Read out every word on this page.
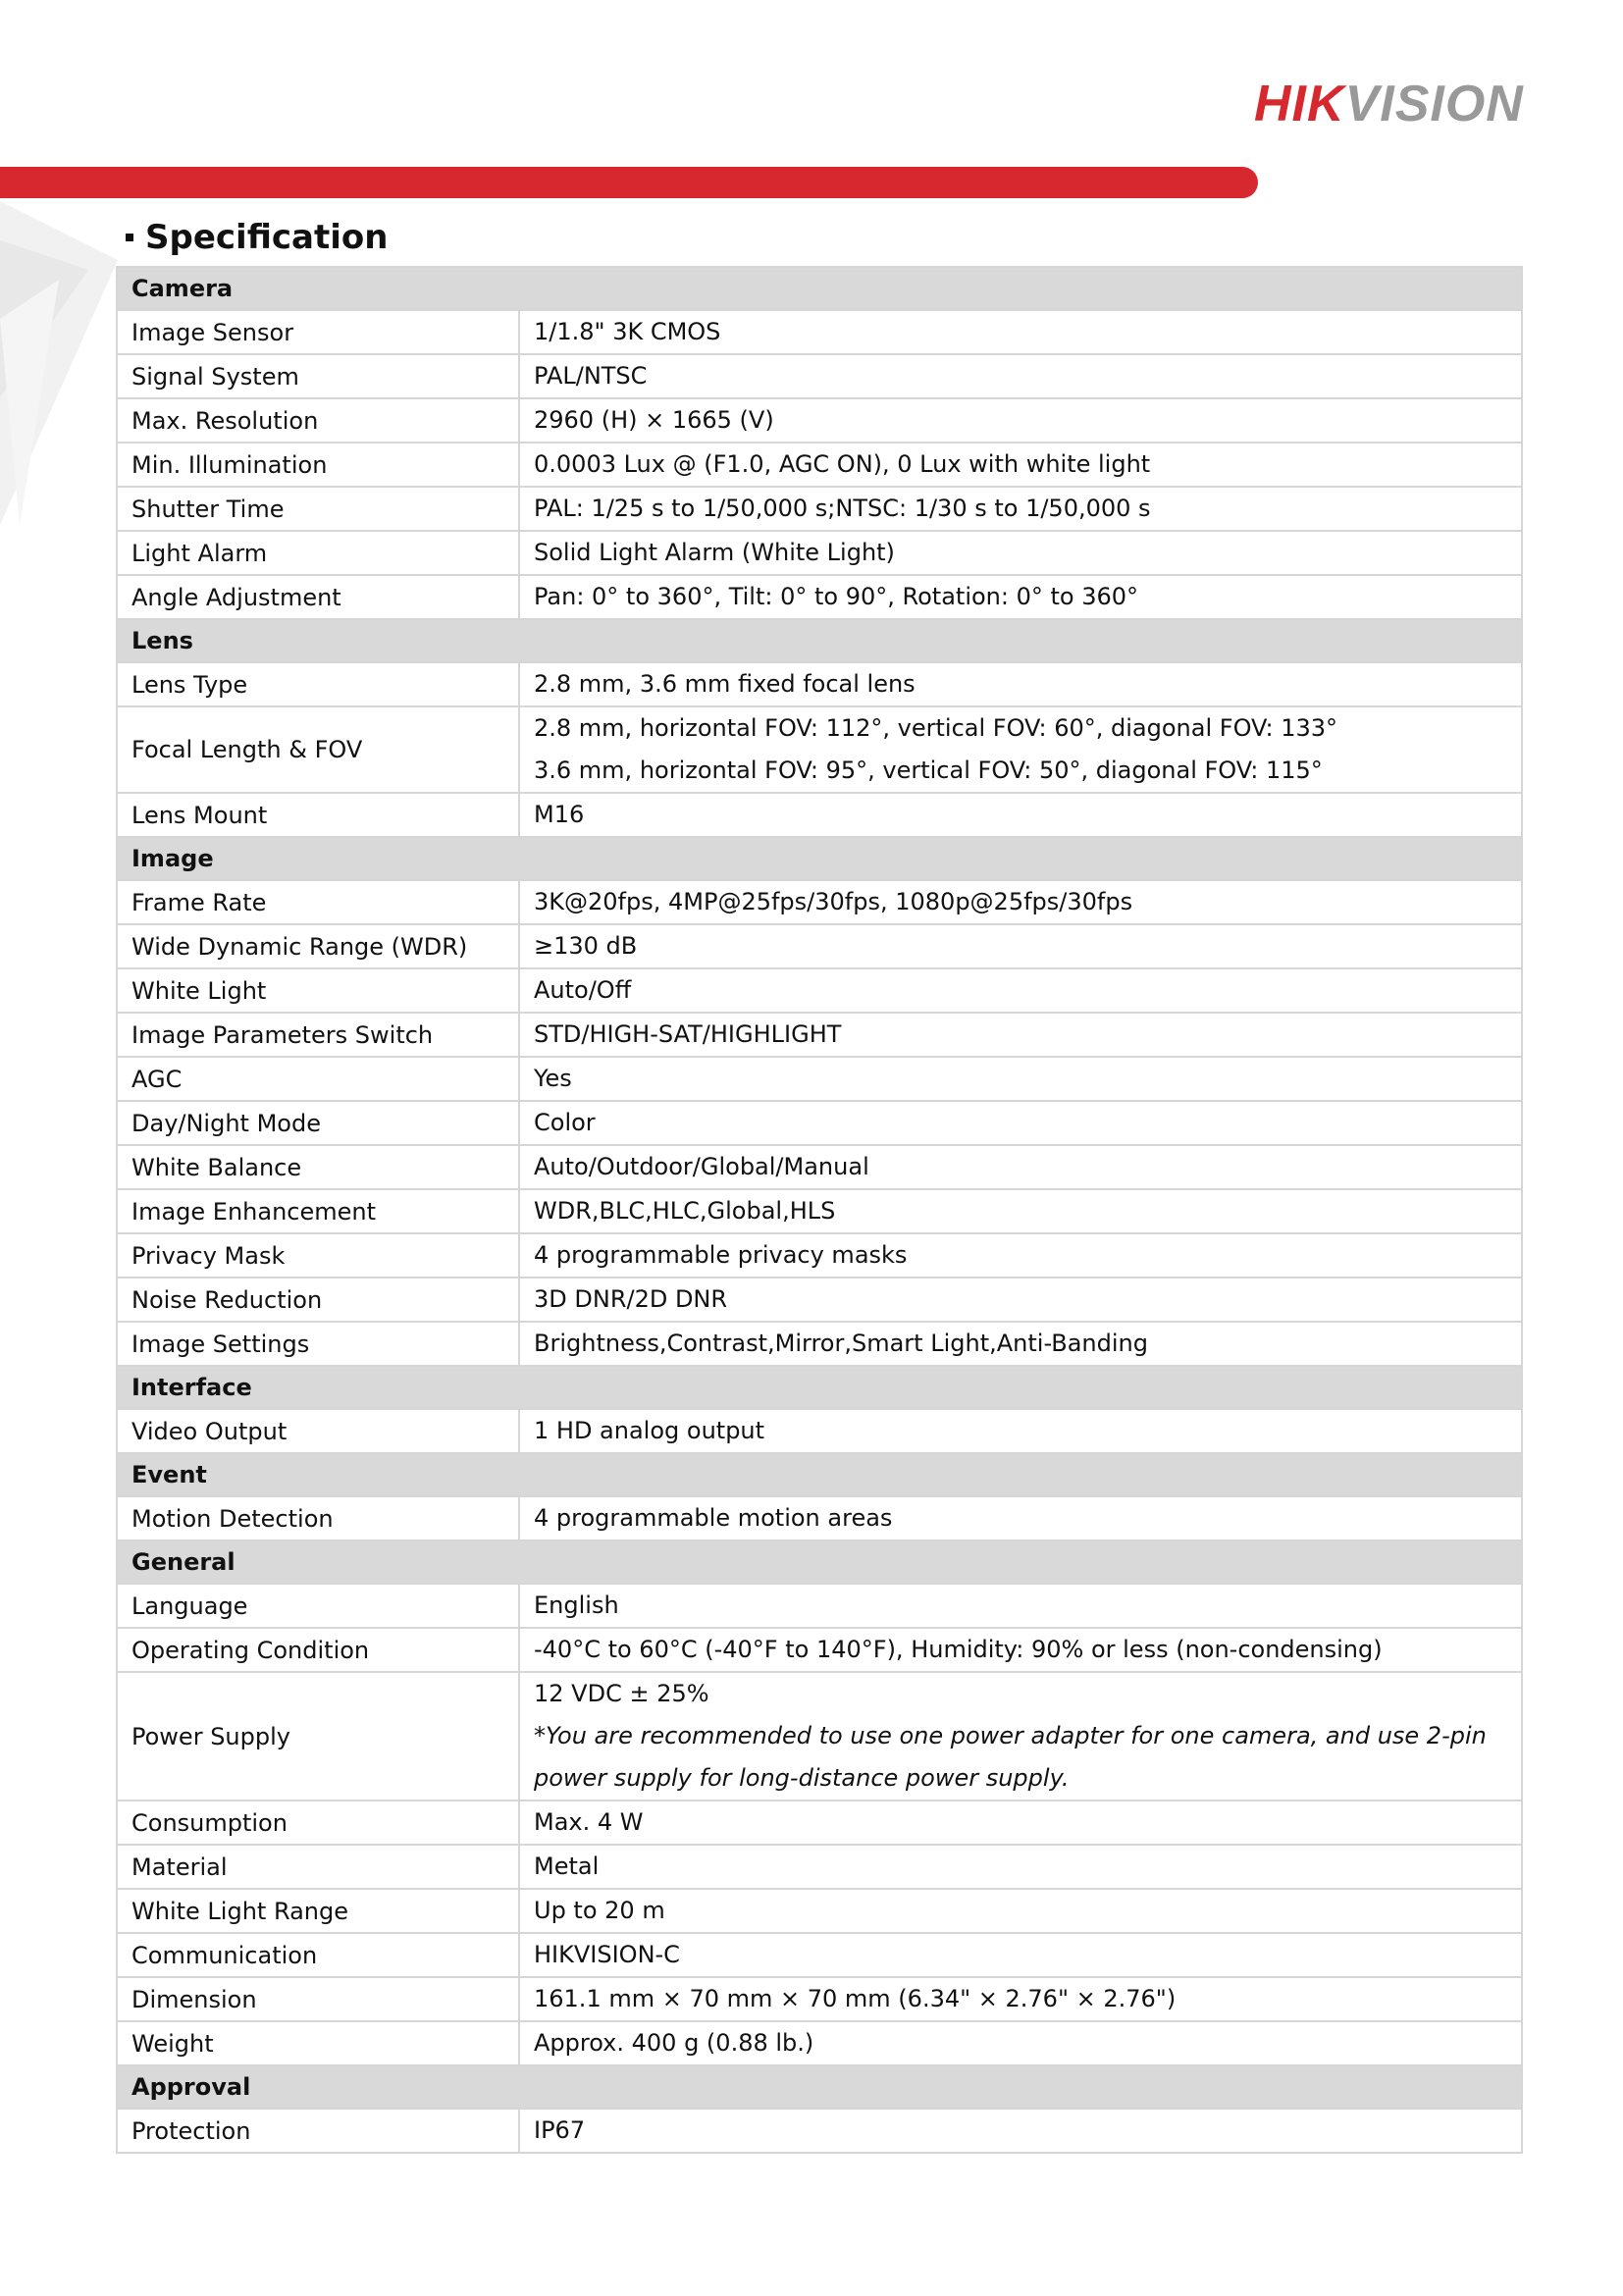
HIKVISION
Specification
Camera	
Image Sensor	1/1.8" 3K CMOS

Signal System	PAL/NTSC

Max. Resolution	2960 (H) × 1665 (V)

Min. Illumination	0.0003 Lux @ (F1.0, AGC ON), 0 Lux with white light

Shutter Time	PAL: 1/25 s to 1/50,000 s;NTSC: 1/30 s to 1/50,000 s

Light Alarm	Solid Light Alarm (White Light)

Angle Adjustment	Pan: 0° to 360°, Tilt: 0° to 90°, Rotation: 0° to 360°

Lens	
Lens Type	2.8 mm, 3.6 mm fixed focal lens

Focal Length & FOV	2.8 mm, horizontal FOV: 112°, vertical FOV: 60°, diagonal FOV: 133°
3.6 mm, horizontal FOV: 95°, vertical FOV: 50°, diagonal FOV: 115°

Lens Mount	M16

Image	
Frame Rate	3K@20fps, 4MP@25fps/30fps, 1080p@25fps/30fps

Wide Dynamic Range (WDR)	≥130 dB

White Light	Auto/Off

Image Parameters Switch	STD/HIGH-SAT/HIGHLIGHT

AGC	Yes

Day/Night Mode	Color

White Balance	Auto/Outdoor/Global/Manual

Image Enhancement	WDR,BLC,HLC,Global,HLS

Privacy Mask	4 programmable privacy masks

Noise Reduction	3D DNR/2D DNR

Image Settings	Brightness,Contrast,Mirror,Smart Light,Anti-Banding

Interface	
Video Output	1 HD analog output

Event	
Motion Detection	4 programmable motion areas

General	
Language	English

Operating Condition	-40°C to 60°C (-40°F to 140°F), Humidity: 90% or less (non-condensing)

Power Supply	12 VDC ± 25%
*You are recommended to use one power adapter for one camera, and use 2-pin
power supply for long-distance power supply.

Consumption	Max. 4 W

Material	Metal

White Light Range	Up to 20 m

Communication	HIKVISION-C

Dimension	161.1 mm × 70 mm × 70 mm (6.34" × 2.76" × 2.76")

Weight	Approx. 400 g (0.88 lb.)

Approval	
Protection	IP67
